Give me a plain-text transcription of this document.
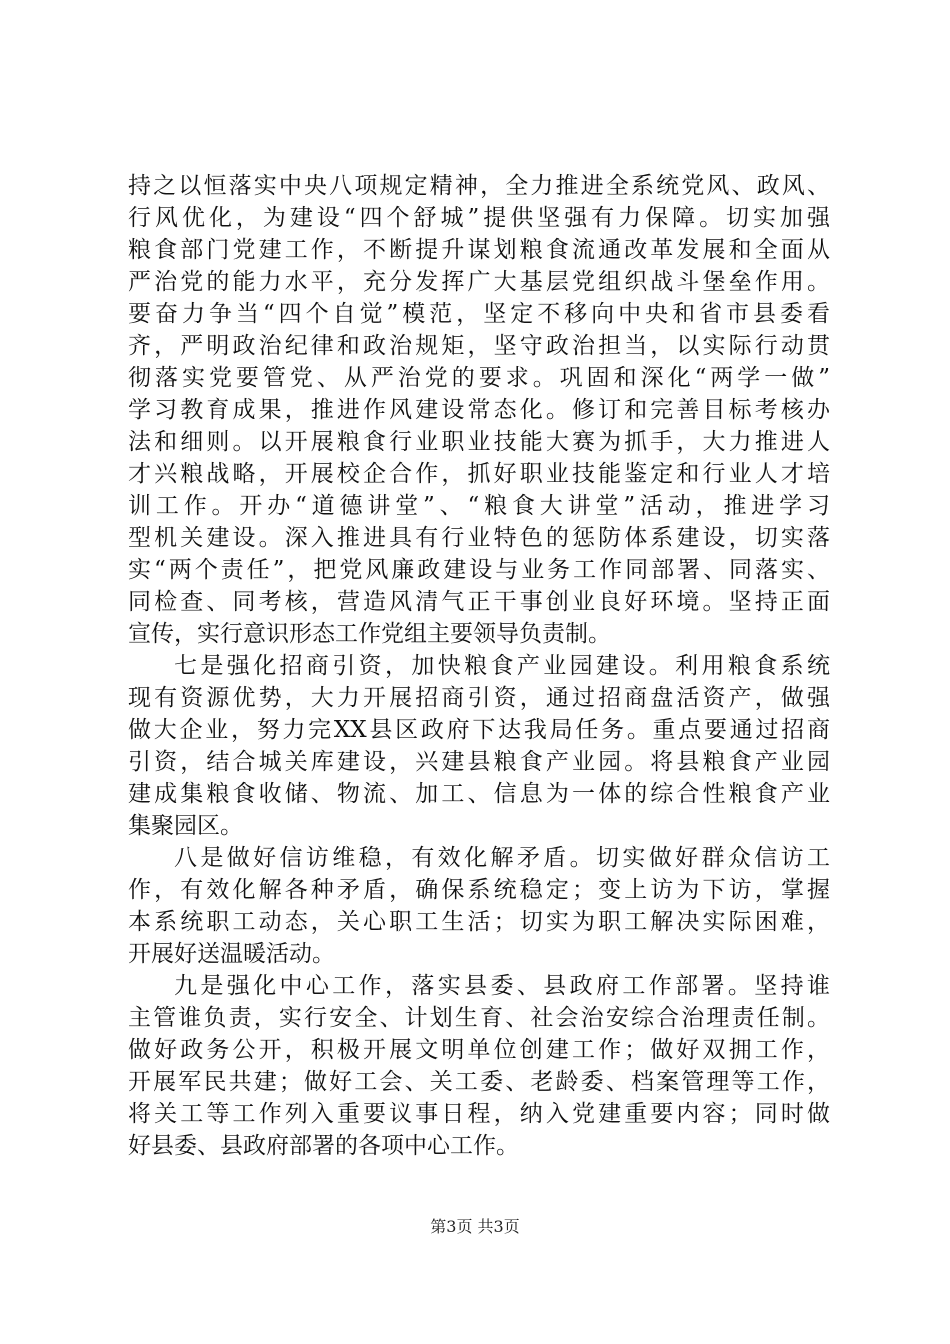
持之以恒落实中央八项规定精神，全力推进全系统党风、政风、
行风优化，为建设“四个舒城”提供坚强有力保障。切实加强
粮食部门党建工作，不断提升谋划粮食流通改革发展和全面从
严治党的能力水平，充分发挥广大基层党组织战斗堡垒作用。
要奋力争当“四个自觉”模范，坚定不移向中央和省市县委看
齐，严明政治纪律和政治规矩，坚守政治担当，以实际行动贯
彻落实党要管党、从严治党的要求。巩固和深化“两学一做”
学习教育成果，推进作风建设常态化。修订和完善目标考核办
法和细则。以开展粮食行业职业技能大赛为抓手，大力推进人
才兴粮战略，开展校企合作，抓好职业技能鉴定和行业人才培
训工作。开办“道德讲堂”、“粮食大讲堂”活动，推进学习
型机关建设。深入推进具有行业特色的惩防体系建设，切实落
实“两个责任”，把党风廉政建设与业务工作同部署、同落实、
同检查、同考核，营造风清气正干事创业良好环境。坚持正面
宣传，实行意识形态工作党组主要领导负责制。
七是强化招商引资，加快粮食产业园建设。利用粮食系统
现有资源优势，大力开展招商引资，通过招商盘活资产，做强
做大企业，努力完XX县区政府下达我局任务。重点要通过招商
引资，结合城关库建设，兴建县粮食产业园。将县粮食产业园
建成集粮食收储、物流、加工、信息为一体的综合性粮食产业
集聚园区。
八是做好信访维稳，有效化解矛盾。切实做好群众信访工
作，有效化解各种矛盾，确保系统稳定；变上访为下访，掌握
本系统职工动态，关心职工生活；切实为职工解决实际困难，
开展好送温暖活动。
九是强化中心工作，落实县委、县政府工作部署。坚持谁
主管谁负责，实行安全、计划生育、社会治安综合治理责任制。
做好政务公开，积极开展文明单位创建工作；做好双拥工作，
开展军民共建；做好工会、关工委、老龄委、档案管理等工作，
将关工等工作列入重要议事日程，纳入党建重要内容；同时做
好县委、县政府部署的各项中心工作。
第3页 共3页
